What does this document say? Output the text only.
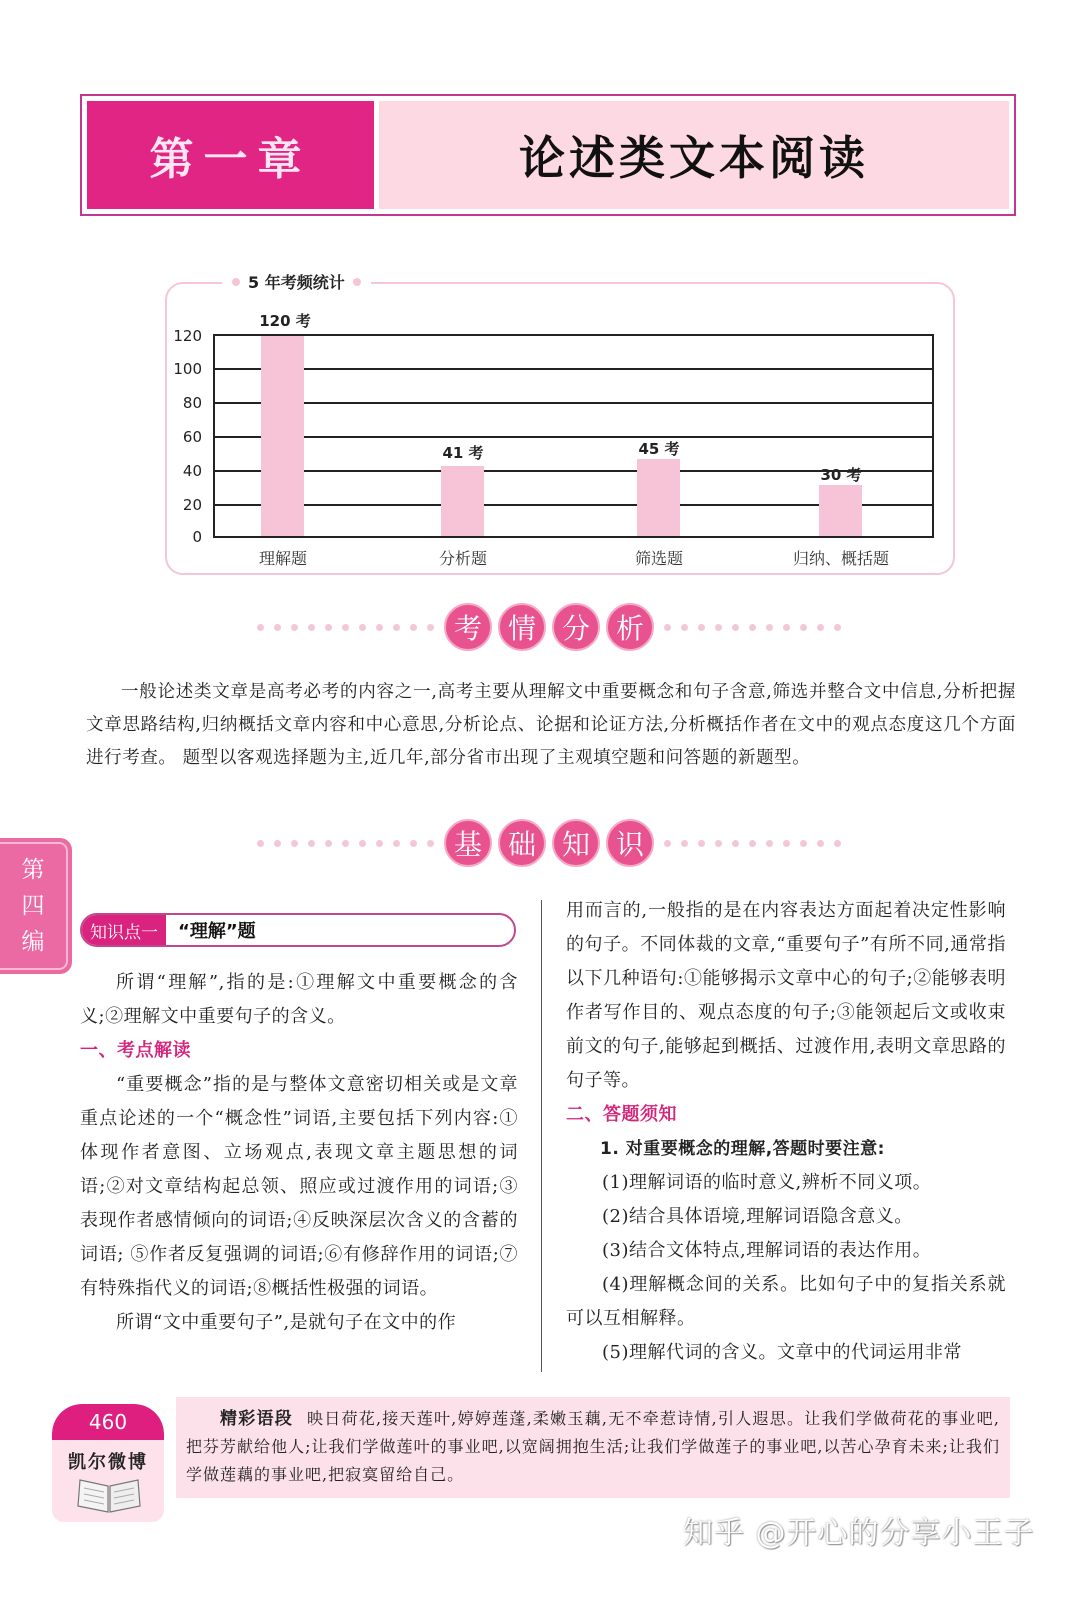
第一章	论述类文本阅读
5 年考频统计
120 考
41 考	45 考
30 考
理解题	分析题	筛选题	归纳、概括题
120
100
80
60
40
20
0
考 情 分 析

一般论述类文章是高考必考的内容之一,高考主要从理解文中重要概念和句子含意,筛选并整合文中信息,分析把握文章思路结构,归纳概括文章内容和中心意思,分析论点、论据和论证方法,分析概括作者在文中的观点态度这几个方面进行考查。 题型以客观选择题为主,近几年,部分省市出现了主观填空题和问答题的新题型。

基 础 知 识
第
四
编	知识点一	“理解”题

所谓“理解”,指的是:①理解文中重要概念的含义;②理解文中重要句子的含义。

一、考点解读

“重要概念”指的是与整体文意密切相关或是文章重点论述的一个“概念性”词语,主要包括下列内容:①体现作者意图、立场观点,表现文章主题思想的词语;②对文章结构起总领、照应或过渡作用的词语;③表现作者感情倾向的词语;④反映深层次含义的含蓄的词语; ⑤作者反复强调的词语;⑥有修辞作用的词语;⑦有特殊指代义的词语;⑧概括性极强的词语。

所谓“文中重要句子”,是就句子在文中的作

用而言的,一般指的是在内容表达方面起着决定性影响的句子。不同体裁的文章,“重要句子”有所不同,通常指以下几种语句:①能够揭示文章中心的句子;②能够表明作者写作目的、观点态度的句子;③能领起后文或收束前文的句子,能够起到概括、过渡作用,表明文章思路的句子等。

二、答题须知

1. 对重要概念的理解,答题时要注意:

(1)理解词语的临时意义,辨析不同义项。

(2)结合具体语境,理解词语隐含意义。

(3)结合文体特点,理解词语的表达作用。

(4)理解概念间的关系。比如句子中的复指关系就可以互相解释。

(5)理解代词的含义。文章中的代词运用非常

460
凯尔微博
精彩语段 映日荷花,接天莲叶,婷婷莲蓬,柔嫩玉藕,无不牵惹诗情,引人遐思。让我们学做荷花的事业吧,把芬芳献给他人;让我们学做莲叶的事业吧,以宽阔拥抱生活;让我们学做莲子的事业吧,以苦心孕育未来;让我们学做莲藕的事业吧,把寂寞留给自己。
知乎 @开心的分享小王子
